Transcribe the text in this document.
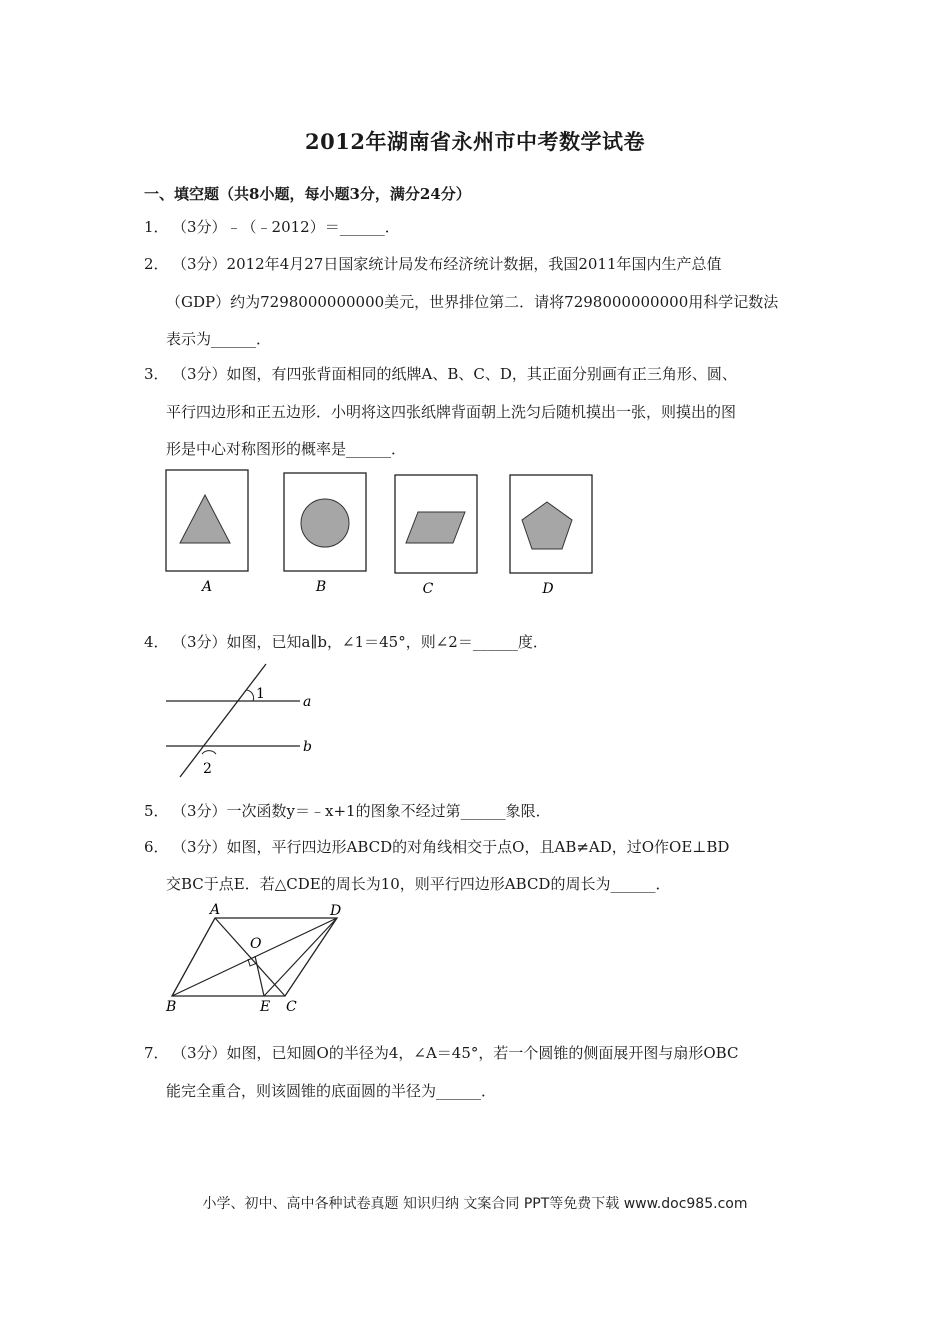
2012年湖南省永州市中考数学试卷
一、填空题（共8小题，每小题3分，满分24分）
1． （3分）﹣（﹣2012）＝______．
2． （3分）2012年4月27日国家统计局发布经济统计数据，我国2011年国内生产总值
（GDP）约为7298000000000美元，世界排位第二．请将7298000000000用科学记数法
表示为______．
3． （3分）如图，有四张背面相同的纸牌A、B、C、D，其正面分别画有正三角形、圆、
平行四边形和正五边形．小明将这四张纸牌背面朝上洗匀后随机摸出一张，则摸出的图
形是中心对称图形的概率是______．
A	B	C	D
4． （3分）如图，已知a∥b，∠1＝45°，则∠2＝______度．
1
2
a
b
5． （3分）一次函数y＝﹣x+1的图象不经过第______象限．
6． （3分）如图，平行四边形ABCD的对角线相交于点O，且AB≠AD，过O作OE⊥BD
交BC于点E．若△CDE的周长为10，则平行四边形ABCD的周长为______．
A	D
B	E C
O
7． （3分）如图，已知圆O的半径为4，∠A＝45°，若一个圆锥的侧面展开图与扇形OBC
能完全重合，则该圆锥的底面圆的半径为______．
小学、初中、高中各种试卷真题 知识归纳 文案合同 PPT等免费下载 www.doc985.com
